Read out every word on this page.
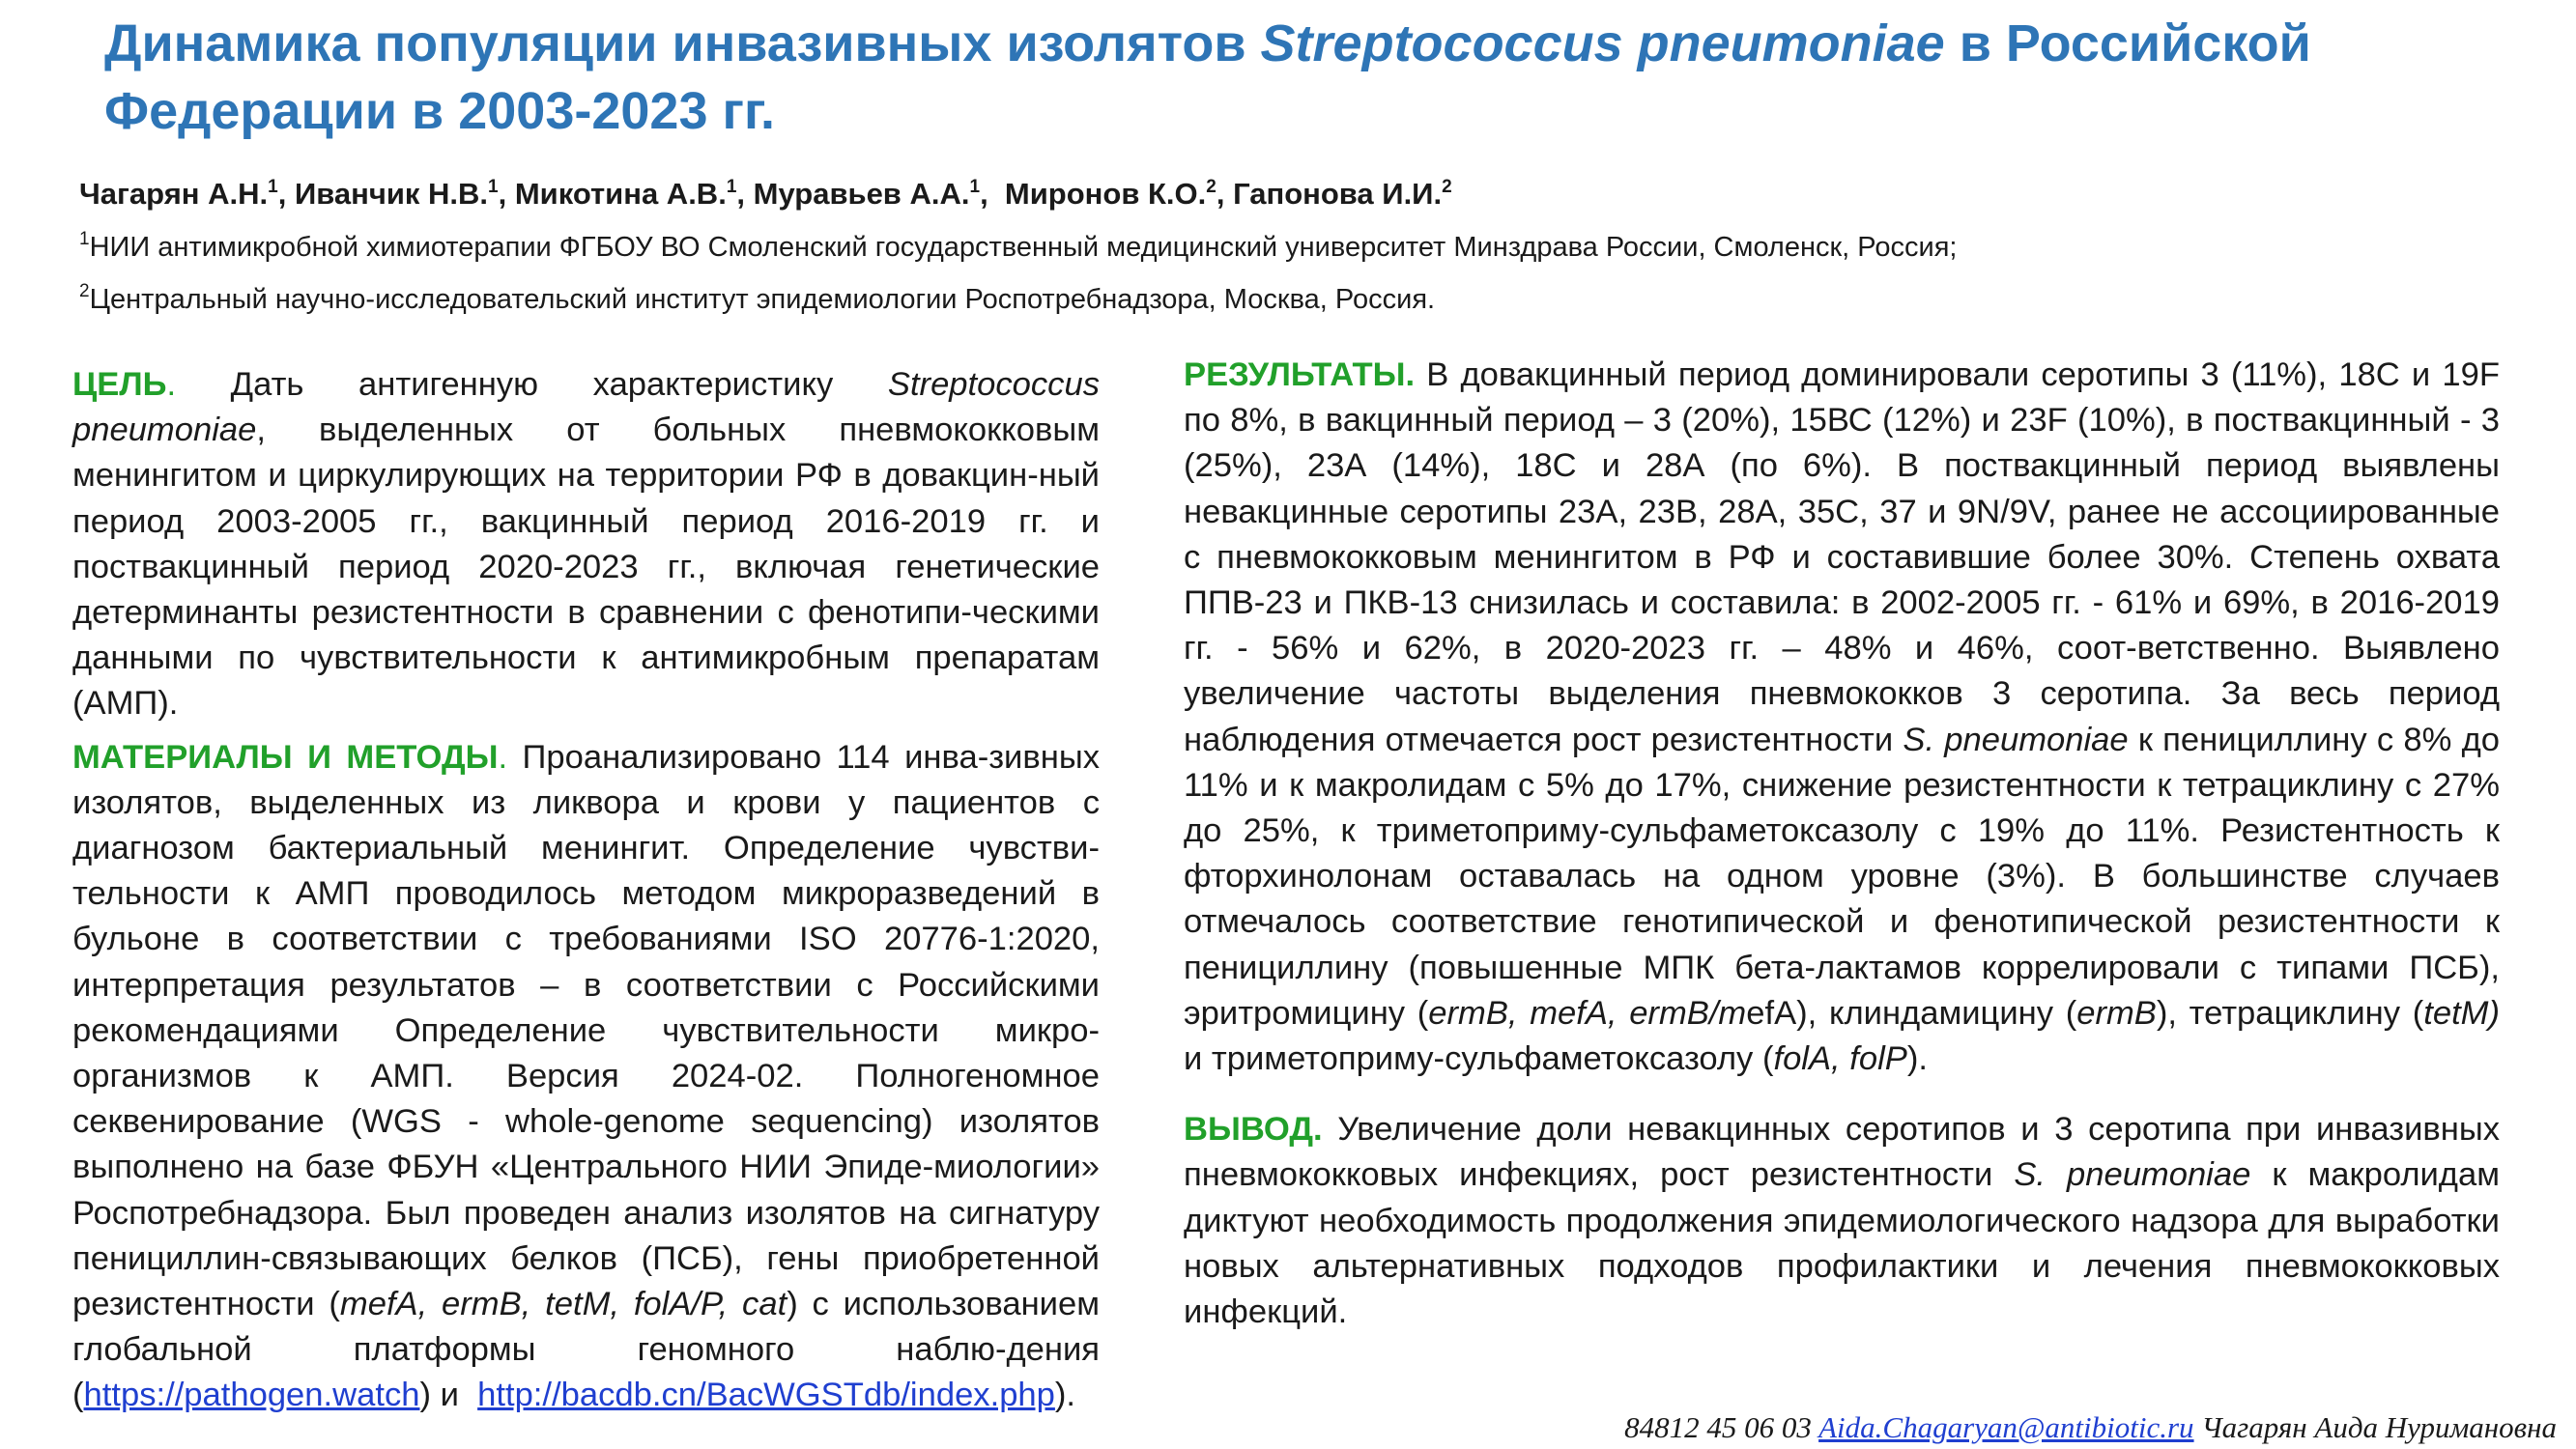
Динамика популяции инвазивных изолятов Streptococcus pneumoniae в Российской Федерации в 2003-2023 гг.
Чагарян А.Н.$^1$, Иванчик Н.В.$^1$, Микотина А.В.$^1$, Муравьев А.А.$^1$,  Миронов К.О.$^2$, Гапонова И.И.$^2$
$^1$НИИ антимикробной химиотерапии ФГБОУ ВО Смоленский государственный медицинский университет Минздрава России, Смоленск, Россия;
$^2$Центральный научно-исследовательский институт эпидемиологии Роспотребнадзора, Москва, Россия.

ЦЕЛЬ. Дать антигенную характеристику Streptococcus pneumoniae, выделенных от больных пневмококковым менингитом и циркулирующих на территории РФ в довакцин-ный период 2003-2005 гг., вакцинный период 2016-2019 гг. и поствакцинный период 2020-2023 гг., включая генетические детерминанты резистентности в сравнении с фенотипи-ческими данными по чувствительности к антимикробным препаратам (АМП).

МАТЕРИАЛЫ И МЕТОДЫ. Проанализировано 114 инва-зивных изолятов, выделенных из ликвора и крови у пациентов с диагнозом бактериальный менингит. Определение чувстви-тельности к АМП проводилось методом микроразведений в бульоне в соответствии с требованиями ISO 20776-1:2020, интерпретация результатов – в соответствии с Российскими рекомендациями Определение чувствительности микро-организмов к АМП. Версия 2024-02. Полногеномное секвенирование (WGS - whole-genome sequencing) изолятов выполнено на базе ФБУН «Центрального НИИ Эпиде-миологии» Роспотребнадзора. Был проведен анализ изолятов на сигнатуру пенициллин-связывающих белков (ПСБ), гены приобретенной резистентности (mefA, ermB, tetM, folA/P, cat) с использованием глобальной платформы геномного наблю-дения (https://pathogen.watch) и  http://bacdb.cn/BacWGSTdb/index.php).

РЕЗУЛЬТАТЫ. В довакцинный период доминировали серотипы 3 (11%), 18С и 19F по 8%, в вакцинный период – 3 (20%), 15ВС (12%) и 23F (10%), в поствакцинный - 3 (25%), 23А (14%), 18С и 28А (по 6%). В поствакцинный период выявлены невакцинные серотипы 23А, 23В, 28А, 35С, 37 и 9N/9V, ранее не ассоциированные с пневмококковым менингитом в РФ и составившие более 30%. Степень охвата ППВ-23 и ПКВ-13 снизилась и составила: в 2002-2005 гг. - 61% и 69%, в 2016-2019 гг. - 56% и 62%, в 2020-2023 гг. – 48% и 46%, соот-ветственно. Выявлено увеличение частоты выделения пневмококков 3 серотипа. За весь период наблюдения отмечается рост резистентности S. pneumoniae к пенициллину с 8% до 11% и к макролидам с 5% до 17%, снижение резистентности к тетрациклину с 27% до 25%, к триметоприму-сульфаметоксазолу с 19% до 11%. Резистентность к фторхинолонам оставалась на одном уровне (3%). В большинстве случаев отмечалось соответствие генотипической и фенотипической резистентности к пенициллину (повышенные МПК бета-лактамов коррелировали с типами ПСБ), эритромицину (ermB, mefA, ermB/mefA), клиндамицину (ermB), тетрациклину (tetM) и триметоприму-сульфаметоксазолу (folA, folP).

ВЫВОД. Увеличение доли невакцинных серотипов и 3 серотипа при инвазивных пневмококковых инфекциях, рост резистентности S. pneumoniae к макролидам диктуют необходимость продолжения эпидемиологического надзора для выработки новых альтернативных подходов профилактики и лечения пневмококковых инфекций.

84812 45 06 03 Aida.Chagaryan@antibiotic.ru Чагарян Аида Нуримановна
